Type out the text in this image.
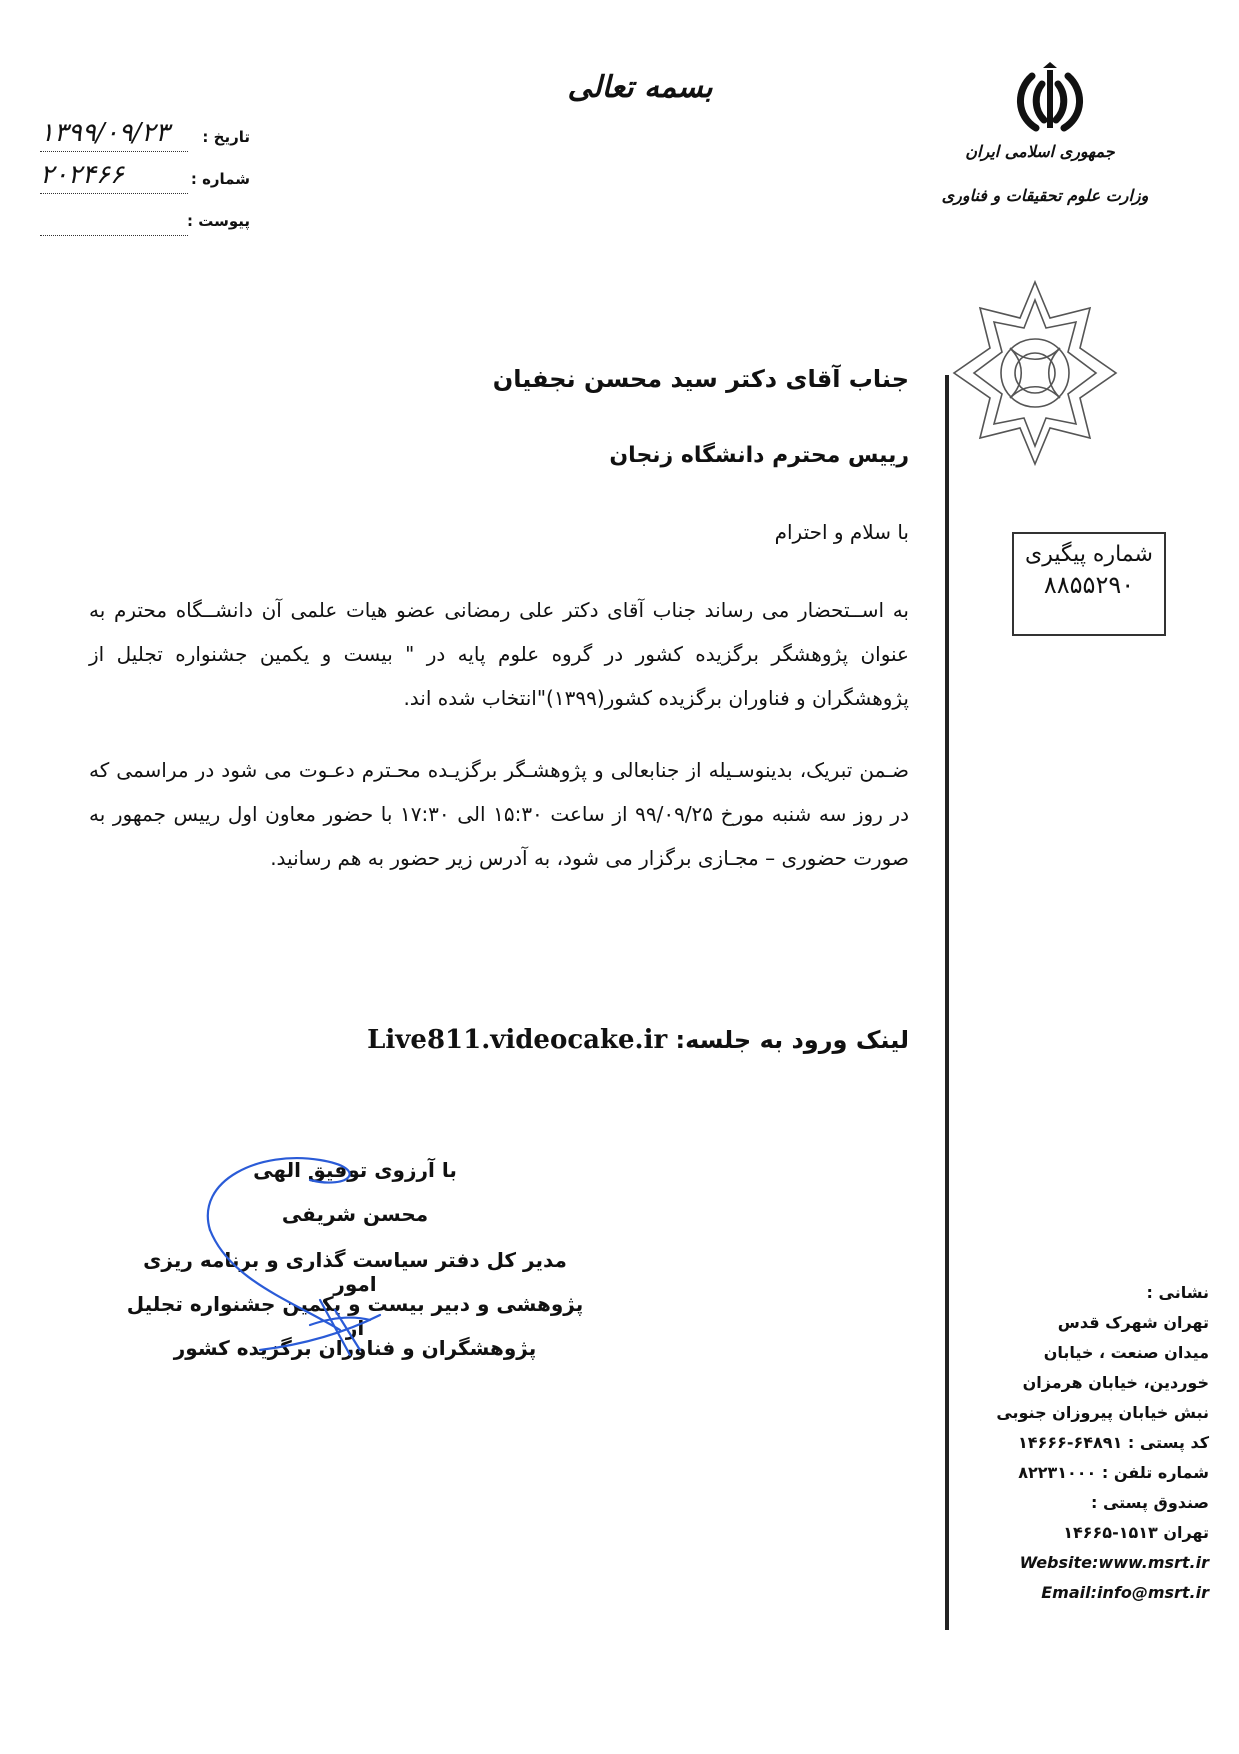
بسمه تعالی
۱۳۹۹/۰۹/۲۳ تاریخ :
۲۰۲۴۶۶	شماره :
پیوست :
جمهوری اسلامی ایران
وزارت علوم تحقیقات و فناوری
شماره پیگیری
۸۸۵۵۲۹۰
جناب آقای دکتر سید محسن نجفیان
رییس محترم دانشگاه زنجان
با سلام و احترام
به اســتحضار می رساند جناب آقای دکتر علی رمضانی عضو هیات علمی آن دانشــگاه محترم به عنوان پژوهشگر برگزیده کشور در گروه علوم پایه در " بیست و یکمین جشنواره تجلیل از پژوهشگران و فناوران برگزیده کشور(۱۳۹۹)"انتخاب شده اند.
ضـمن تبریک، بدینوسـیله از جنابعالی و پژوهشـگر برگزیـده محـترم دعـوت می شود در مراسمی که در روز سه شنبه مورخ ۹۹/۰۹/۲۵ از ساعت ۱۵:۳۰ الی ۱۷:۳۰ با حضور معاون اول رییس جمهور به صورت حضوری – مجـازی برگزار می شود، به آدرس زیر حضور به هم رسانید.
لینک ورود به جلسه: Live811.videocake.ir
با آرزوی توفیق الهی
محسن شریفی
مدیر کل دفتر سیاست گذاری و برنامه ریزی امور
پژوهشی و دبیر بیست و یکمین جشنواره تجلیل از
پژوهشگران و فناوران برگزیده کشور
نشانی :
تهران شهرک قدس
میدان صنعت ، خیابان
خوردین، خیابان هرمزان
نبش خیابان پیروزان جنوبی
کد پستی : ۶۴۸۹۱-۱۴۶۶۶
شماره تلفن : ۸۲۲۳۱۰۰۰
صندوق پستی :
تهران ۱۵۱۳-۱۴۶۶۵
Website:www.msrt.ir
Email:info@msrt.ir
